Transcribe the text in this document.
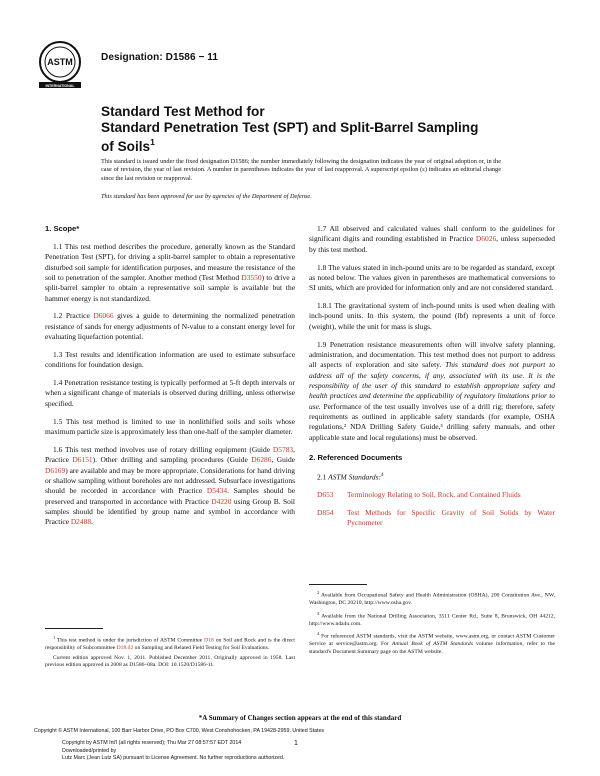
ASTM
INTERNATIONAL
Designation: D1586 − 11
Standard Test Method for
Standard Penetration Test (SPT) and Split-Barrel Sampling
of Soils$^1$
This standard is issued under the fixed designation D1586; the number immediately following the designation indicates the year of original adoption or, in the case of revision, the year of last revision. A number in parentheses indicates the year of last reapproval. A superscript epsilon (ε) indicates an editorial change since the last revision or reapproval.
This standard has been approved for use by agencies of the Department of Defense.

1. Scope*

1.1 This test method describes the procedure, generally known as the Standard Penetration Test (SPT), for driving a split-barrel sampler to obtain a representative disturbed soil sample for identification purposes, and measure the resistance of the soil to penetration of the sampler. Another method (Test Method D3550) to drive a split-barrel sampler to obtain a representative soil sample is available but the hammer energy is not standardized.

1.2 Practice D6066 gives a guide to determining the normalized penetration resistance of sands for energy adjustments of N-value to a constant energy level for evaluating liquefaction potential.

1.3 Test results and identification information are used to estimate subsurface conditions for foundation design.

1.4 Penetration resistance testing is typically performed at 5-ft depth intervals or when a significant change of materials is observed during drilling, unless otherwise specified.

1.5 This test method is limited to use in nonlithified soils and soils whose maximum particle size is approximately less than one-half of the sampler diameter.

1.6 This test method involves use of rotary drilling equipment (Guide D5783, Practice D6151). Other drilling and sampling procedures (Guide D6286, Guide D6169) are available and may be more appropriate. Considerations for hand driving or shallow sampling without boreholes are not addressed. Subsurface investigations should be recorded in accordance with Practice D5434. Samples should be preserved and transported in accordance with Practice D4220 using Group B. Soil samples should be identified by group name and symbol in accordance with Practice D2488.

1.7 All observed and calculated values shall conform to the guidelines for significant digits and rounding established in Practice D6026, unless superseded by this test method.

1.8 The values stated in inch-pound units are to be regarded as standard, except as noted below. The values given in parentheses are mathematical conversions to SI units, which are provided for information only and are not considered standard.

1.8.1 The gravitational system of inch-pound units is used when dealing with inch-pound units. In this system, the pound (lbf) represents a unit of force (weight), while the unit for mass is slugs.

1.9 Penetration resistance measurements often will involve safety planning, administration, and documentation. This test method does not purport to address all aspects of exploration and site safety. This standard does not purport to address all of the safety concerns, if any, associated with its use. It is the responsibility of the user of this standard to establish appropriate safety and health practices and determine the applicability of regulatory limitations prior to use. Performance of the test usually involves use of a drill rig; therefore, safety requirements as outlined in applicable safety standards (for example, OSHA regulations,² NDA Drilling Safety Guide,³ drilling safety manuals, and other applicable state and local regulations) must be observed.

2. Referenced Documents

2.1 ASTM Standards:$^4$

D653 Terminology Relating to Soil, Rock, and Contained Fluids

D854 Test Methods for Specific Gravity of Soil Solids by Water Pycnometer

$^1$ This test method is under the jurisdiction of ASTM Committee D18 on Soil and Rock and is the direct responsibility of Subcommittee D18.02 on Sampling and Related Field Testing for Soil Evaluations.

Current edition approved Nov. 1, 2011. Published December 2011. Originally approved in 1958. Last previous edition approved in 2008 as D1586–08a. DOI: 10.1520/D1586-11.

$^2$ Available from Occupational Safety and Health Administration (OSHA), 200 Constitution Ave., NW, Washington, DC 20210, http://www.osha.gov.

$^3$ Available from the National Drilling Association, 3511 Center Rd., Suite 8, Brunswick, OH 44212, http://www.nda4u.com.

$^4$ For referenced ASTM standards, visit the ASTM website, www.astm.org, or contact ASTM Customer Service at service@astm.org. For Annual Book of ASTM Standards volume information, refer to the standard's Document Summary page on the ASTM website.

*A Summary of Changes section appears at the end of this standard
Copyright © ASTM International, 100 Barr Harbor Drive, PO Box C700, West Conshohocken, PA 19428-2959. United States
Copyright by ASTM Int'l (all rights reserved); Thu Mar 27 08:57:57 EDT 2014
Downloaded/printed by
Lutz Marc (Jean Lutz SA) pursuant to License Agreement. No further reproductions authorized.
1
